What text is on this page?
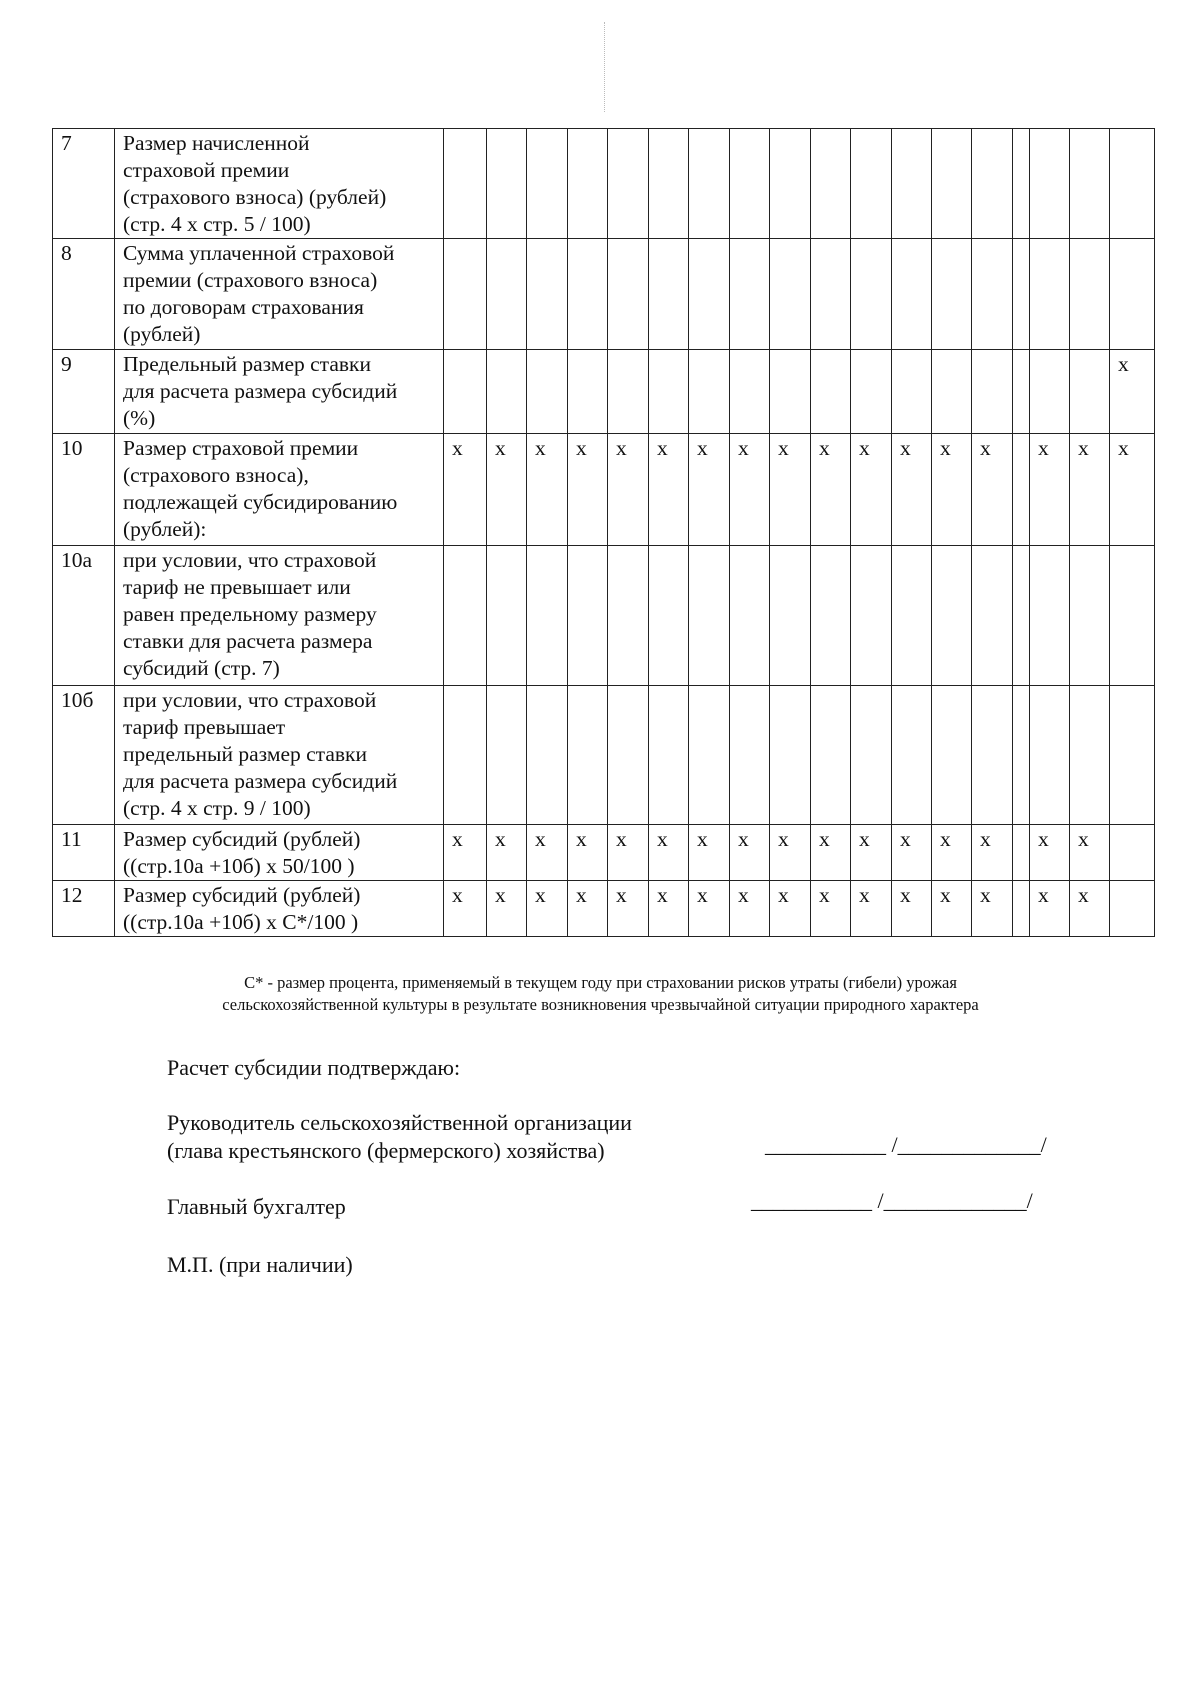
7	Размер начисленной
страховой премии
(страхового взноса) (рублей)
(стр. 4 х стр. 5 / 100)																		
8	Сумма уплаченной страховой
премии (страхового взноса)
по договорам страхования
(рублей)																		
9	Предельный размер ставки
для расчета размера субсидий
(%)																		х
10	Размер страховой премии
(страхового взноса),
подлежащей субсидированию
(рублей):	х	х	х	х	х	х	х	х	х	х	х	х	х	х		х	х	х
10а	при условии, что страховой
тариф не превышает или
равен предельному размеру
ставки для расчета размера
субсидий (стр. 7)																		
10б	при условии, что страховой
тариф превышает
предельный размер ставки
для расчета размера субсидий
(стр. 4 х стр. 9 / 100)																		
11	Размер субсидий (рублей)
((стр.10а +10б) х 50/100 )	х	х	х	х	х	х	х	х	х	х	х	х	х	х		х	х	
12	Размер субсидий (рублей)
((стр.10а +10б) х С*/100 )	х	х	х	х	х	х	х	х	х	х	х	х	х	х		х	х	
С* - размер процента, применяемый в текущем году при страховании рисков утраты (гибели) урожая
сельскохозяйственной культуры в результате возникновения чрезвычайной ситуации природного характера
Расчет субсидии подтверждаю:
Руководитель сельскохозяйственной организации
(глава крестьянского (фермерского) хозяйства)	___________ /_____________/
Главный бухгалтер	___________ /_____________/
М.П. (при наличии)
